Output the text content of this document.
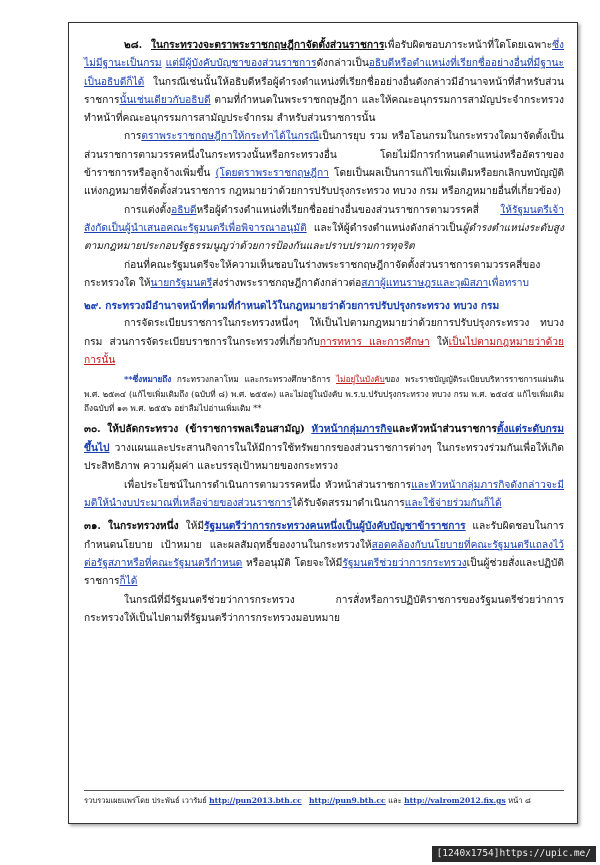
๒๘. ในกระทรวงจะตราพระราชกฤษฎีกาจัดตั้งส่วนราชการเพื่อรับผิดชอบภาระหน้าที่ใดโดยเฉพาะซึ่งไม่มีฐานะเป็นกรม แต่มีผู้บังคับบัญชาของส่วนราชการดังกล่าวเป็นอธิบดีหรือตำแหน่งที่เรียกชื่ออย่างอื่นที่มีฐานะเป็นอธิบดีก็ได้ ในกรณีเช่นนั้นให้อธิบดีหรือผู้ดำรงตำแหน่งที่เรียกชื่ออย่างอื่นดังกล่าวมีอำนาจหน้าที่สำหรับส่วนราชการนั้นเช่นเดียวกับอธิบดี ตามที่กำหนดในพระราชกฤษฎีกา และให้คณะอนุกรรมการสามัญประจำกระทรวงทำหน้าที่คณะอนุกรรมการสามัญประจำกรม สำหรับส่วนราชการนั้น

การตราพระราชกฤษฎีกาให้กระทำได้ในกรณีเป็นการยุบ รวม หรือโอนกรมในกระทรวงใดมาจัดตั้งเป็นส่วนราชการตามวรรคหนึ่งในกระทรวงนั้นหรือกระทรวงอื่น โดยไม่มีการกำหนดตำแหน่งหรืออัตราของข้าราชการหรือลูกจ้างเพิ่มขึ้น (โดยตราพระราชกฤษฎีกา โดยเป็นผลเป็นการแก้ไขเพิ่มเติมหรือยกเลิกบทบัญญัติแห่งกฎหมายที่จัดตั้งส่วนราชการ กฎหมายว่าด้วยการปรับปรุงกระทรวง ทบวง กรม หรือกฎหมายอื่นที่เกี่ยวข้อง)

การแต่งตั้งอธิบดีหรือผู้ดำรงตำแหน่งที่เรียกชื่ออย่างอื่นของส่วนราชการตามวรรคสี่ ให้รัฐมนตรีเจ้าสังกัดเป็นผู้นำเสนอคณะรัฐมนตรีเพื่อพิจารณาอนุมัติ และให้ผู้ดำรงตำแหน่งดังกล่าวเป็นผู้ดำรงตำแหน่งระดับสูงตามกฎหมายประกอบรัฐธรรมนูญว่าด้วยการป้องกันและปราบปรามการทุจริต

ก่อนที่คณะรัฐมนตรีจะให้ความเห็นชอบในร่างพระราชกฤษฎีกาจัดตั้งส่วนราชการตามวรรคสี่ของกระทรวงใด ให้นายกรัฐมนตรีส่งร่างพระราชกฤษฎีกาดังกล่าวต่อสภาผู้แทนราษฎรและวุฒิสภาเพื่อทราบ

๒๙. กระทรวงมีอำนาจหน้าที่ตามที่กำหนดไว้ในกฎหมายว่าด้วยการปรับปรุงกระทรวง ทบวง กรม

การจัดระเบียบราชการในกระทรวงหนึ่งๆ ให้เป็นไปตามกฎหมายว่าด้วยการปรับปรุงกระทรวง ทบวง กรม ส่วนการจัดระเบียบราชการในกระทรวงที่เกี่ยวกับการทหาร และการศึกษา ให้เป็นไปตามกฎหมายว่าด้วยการนั้น

**ซึ่งหมายถึง กระทรวงกลาโหม และกระทรวงศึกษาธิการ ไม่อยู่ในบังคับของ พระราชบัญญัติระเบียบบริหารราชการแผ่นดิน พ.ศ. ๒๕๓๔ (แก้ไขเพิ่มเติมถึง (ฉบับที่ ๘) พ.ศ. ๒๕๕๓) และไม่อยู่ในบังคับ พ.ร.บ.ปรับปรุงกระทรวง ทบวง กรม พ.ศ. ๒๕๔๕ แก้ไขเพิ่มเติมถึงฉบับที่ ๑๓ พ.ศ. ๒๕๕๖ อย่าลืมไปอ่านเพิ่มเติม **

๓๐. ให้ปลัดกระทรวง (ข้าราชการพลเรือนสามัญ) หัวหน้ากลุ่มภารกิจและหัวหน้าส่วนราชการตั้งแต่ระดับกรมขึ้นไป วางแผนและประสานกิจการในให้มีการใช้ทรัพยากรของส่วนราชการต่างๆ ในกระทรวงร่วมกันเพื่อให้เกิดประสิทธิภาพ ความคุ้มค่า และบรรลุเป้าหมายของกระทรวง

เพื่อประโยชน์ในการดำเนินการตามวรรคหนึ่ง หัวหน้าส่วนราชการและหัวหน้ากลุ่มภารกิจดังกล่าวจะมีมติให้นำงบประมาณที่เหลือจ่ายของส่วนราชการได้รับจัดสรรมาดำเนินการและใช้จ่ายร่วมกันก็ได้

๓๑. ในกระทรวงหนึ่ง ให้มีรัฐมนตรีว่าการกระทรวงคนหนึ่งเป็นผู้บังคับบัญชาข้าราชการ และรับผิดชอบในการกำหนดนโยบาย เป้าหมาย และผลสัมฤทธิ์ของงานในกระทรวงให้สอดคล้องกับนโยบายที่คณะรัฐมนตรีแถลงไว้ต่อรัฐสภาหรือที่คณะรัฐมนตรีกำหนด หรืออนุมัติ โดยจะให้มีรัฐมนตรีช่วยว่าการกระทรวงเป็นผู้ช่วยสั่งและปฏิบัติราชการก็ได้

ในกรณีที่มีรัฐมนตรีช่วยว่าการกระทรวง การสั่งหรือการปฏิบัติราชการของรัฐมนตรีช่วยว่าการกระทรวงให้เป็นไปตามที่รัฐมนตรีว่าการกระทรวงมอบหมาย

รวบรวมเผยแพร่โดย ประพันธ์ เวารัมย์ http://pun2013.bth.cc http://pun9.bth.cc และ http://valrom2012.fix.gs หน้า ๘
[1240x1754]https://upic.me/
